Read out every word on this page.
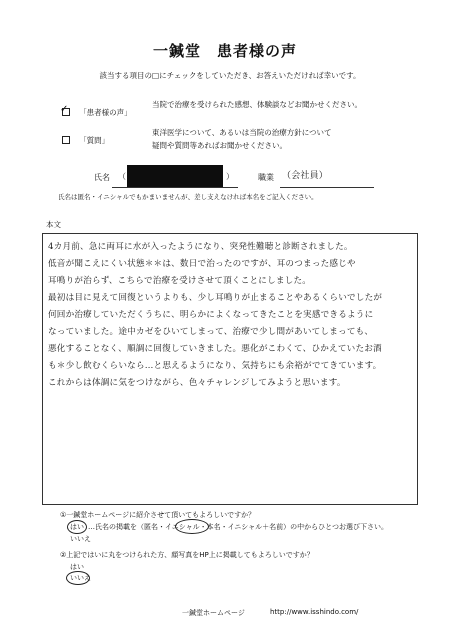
一鍼堂　患者様の声
該当する項目の□にチェックをしていただき、お答えいただければ幸いです。
✓ 「患者様の声」
当院で治療を受けられた感想、体験談などお聞かせください。
「質問」
東洋医学について、あるいは当院の治療方針について
疑問や質問等あればお聞かせください。
氏名 （	）	職業 （会社員）
氏名は匿名・イニシャルでもかまいませんが、差し支えなければ本名をご記入ください。
本文
4カ月前、急に両耳に水が入ったようになり、突発性難聴と診断されました。
低音が聞こえにくい状態＊＊は、数日で治ったのですが、耳のつまった感じや
耳鳴りが治らず、こちらで治療を受けさせて頂くことにしました。
最初は目に見えて回復というよりも、少し耳鳴りが止まることやあるくらいでしたが
何回か治療していただくうちに、明らかによくなってきたことを実感できるように
なっていました。途中カゼをひいてしまって、治療で少し間があいてしまっても、
悪化することなく、順調に回復していきました。悪化がこわくて、ひかえていたお酒
も＊少し飲むくらいなら…と思えるようになり、気持ちにも余裕がでてきています。
これからは体調に気をつけながら、色々チャレンジしてみようと思います。
①一鍼堂ホームページに紹介させて頂いてもよろしいですか？
はい …氏名の掲載を（匿名・イニシャル・本名・イニシャル＋名前）の中からひとつお選び下さい。
いいえ
②上記ではいに丸をつけられた方、顔写真をHP上に掲載してもよろしいですか？
はい
いいえ
一鍼堂ホームページ	http://www.isshindo.com/
